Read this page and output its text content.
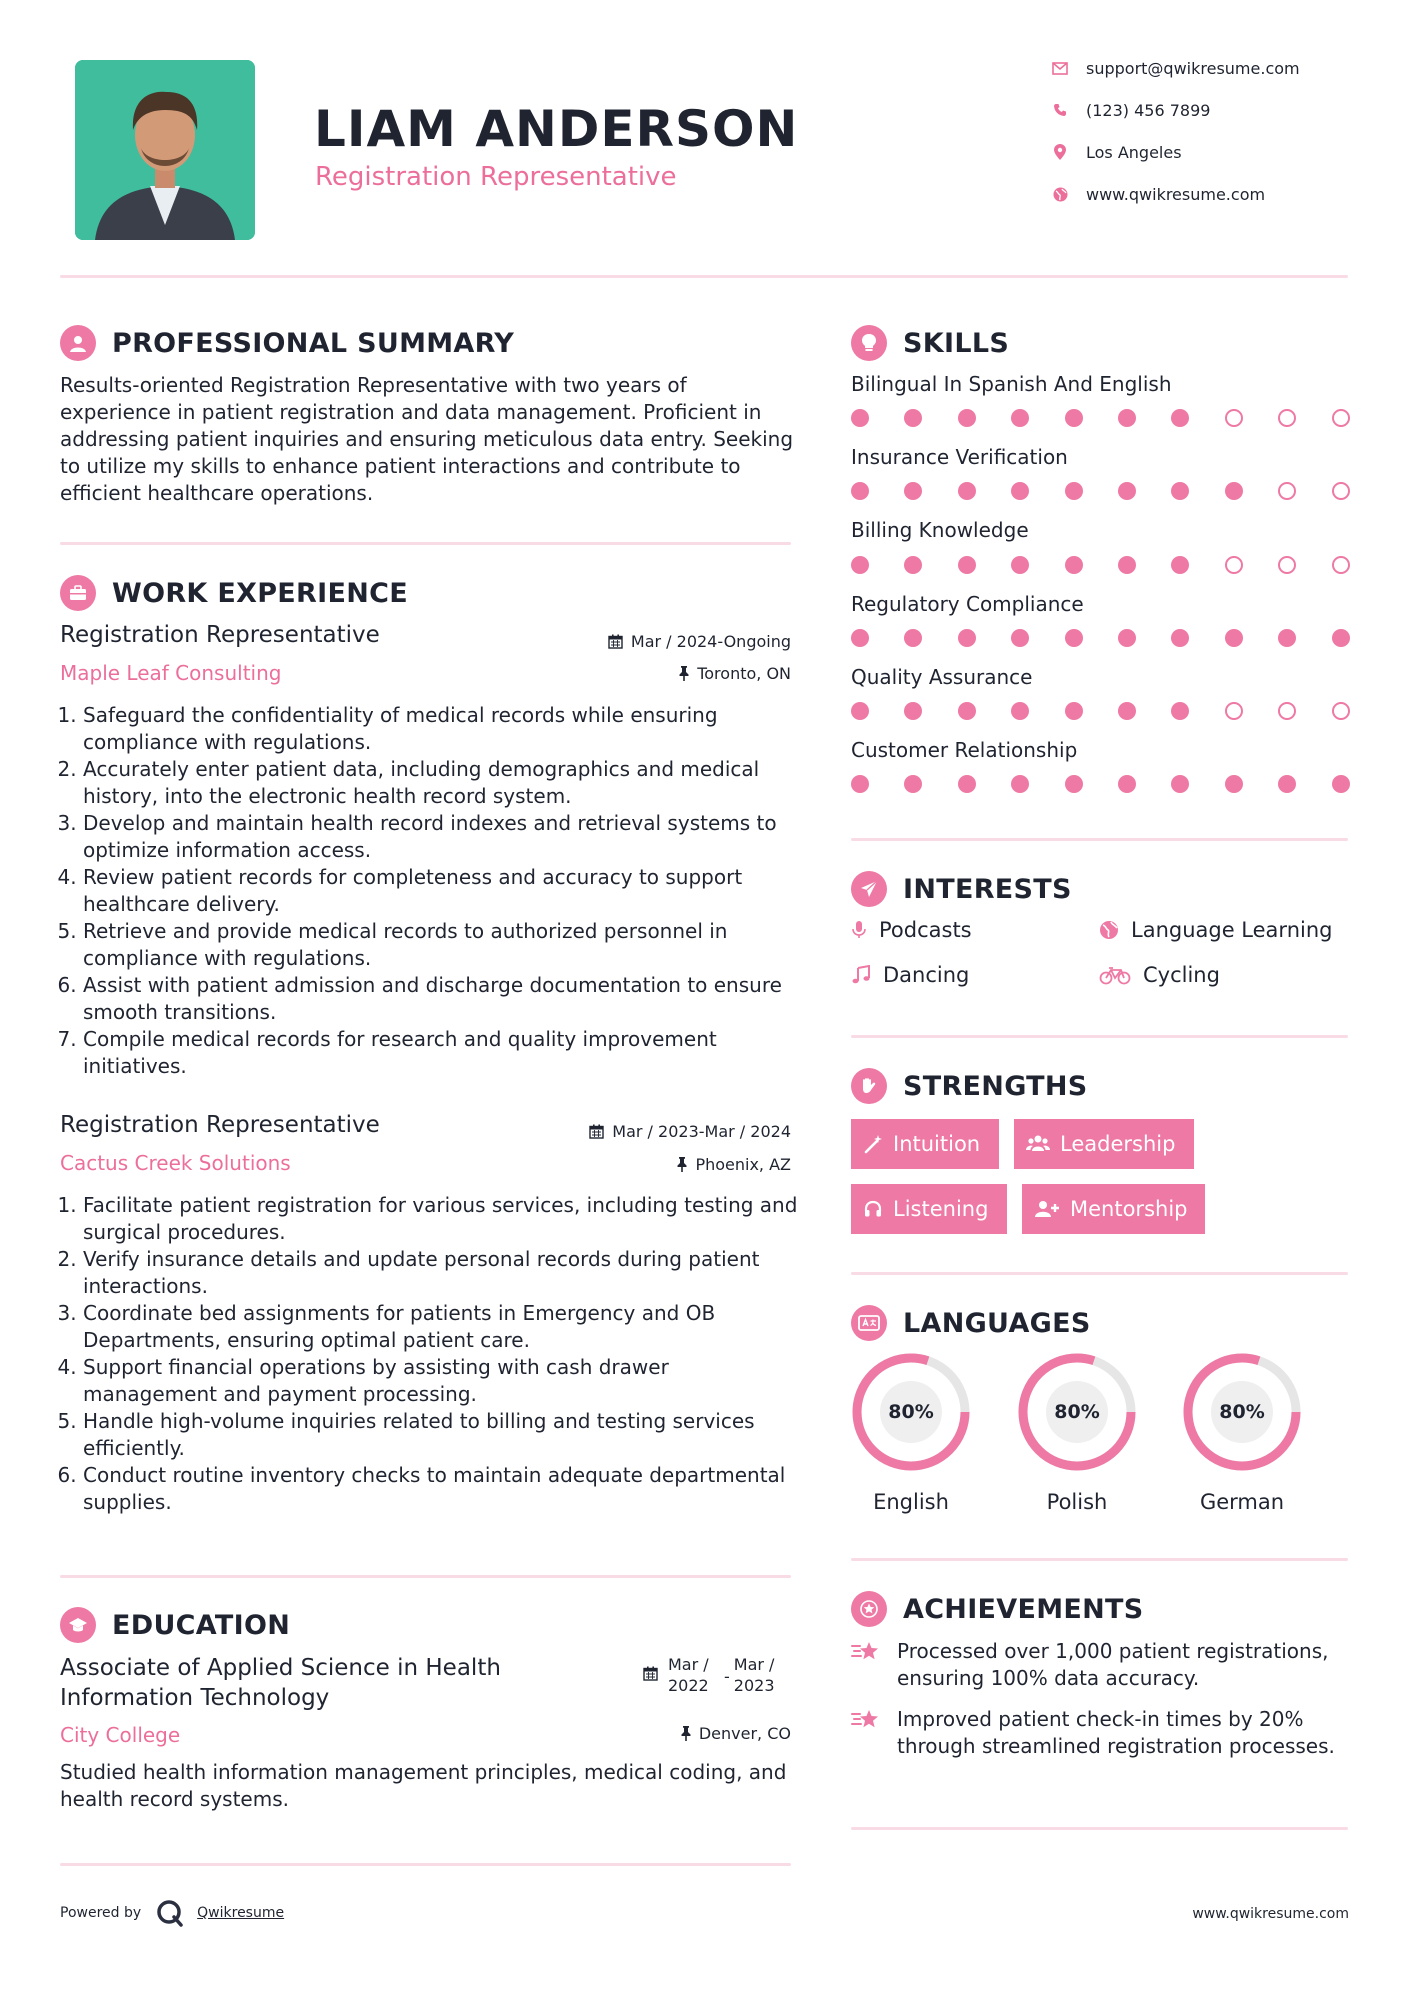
LIAM ANDERSON
Registration Representative
support@qwikresume.com
(123) 456 7899
Los Angeles
www.qwikresume.com
PROFESSIONAL SUMMARY
Results-oriented Registration Representative with two years of experience in patient registration and data management. Proficient in addressing patient inquiries and ensuring meticulous data entry. Seeking to utilize my skills to enhance patient interactions and contribute to efficient healthcare operations.
WORK EXPERIENCE
Registration Representative	Mar / 2024-Ongoing
Maple Leaf Consulting	Toronto, ON
1. Safeguard the confidentiality of medical records while ensuring compliance with regulations.
2. Accurately enter patient data, including demographics and medical history, into the electronic health record system.
3. Develop and maintain health record indexes and retrieval systems to optimize information access.
4. Review patient records for completeness and accuracy to support healthcare delivery.
5. Retrieve and provide medical records to authorized personnel in compliance with regulations.
6. Assist with patient admission and discharge documentation to ensure smooth transitions.
7. Compile medical records for research and quality improvement initiatives.
Registration Representative	Mar / 2023-Mar / 2024
Cactus Creek Solutions	Phoenix, AZ
1. Facilitate patient registration for various services, including testing and surgical procedures.
2. Verify insurance details and update personal records during patient interactions.
3. Coordinate bed assignments for patients in Emergency and OB Departments, ensuring optimal patient care.
4. Support financial operations by assisting with cash drawer management and payment processing.
5. Handle high-volume inquiries related to billing and testing services efficiently.
6. Conduct routine inventory checks to maintain adequate departmental supplies.
EDUCATION
Associate of Applied Science in Health Information Technology
Mar / 2022 -
Mar / 2023
City College	Denver, CO
Studied health information management principles, medical coding, and health record systems.
SKILLS
Bilingual In Spanish And English
Insurance Verification
Billing Knowledge
Regulatory Compliance
Quality Assurance
Customer Relationship
INTERESTS
Podcasts	Language Learning
Dancing	Cycling
STRENGTHS
Intuition	Leadership
Listening	Mentorship
LANGUAGES
80%
English
80%
Polish
80%
German
ACHIEVEMENTS
Processed over 1,000 patient registrations, ensuring 100% data accuracy.
Improved patient check-in times by 20% through streamlined registration processes.
Powered by	Qwikresume	www.qwikresume.com
